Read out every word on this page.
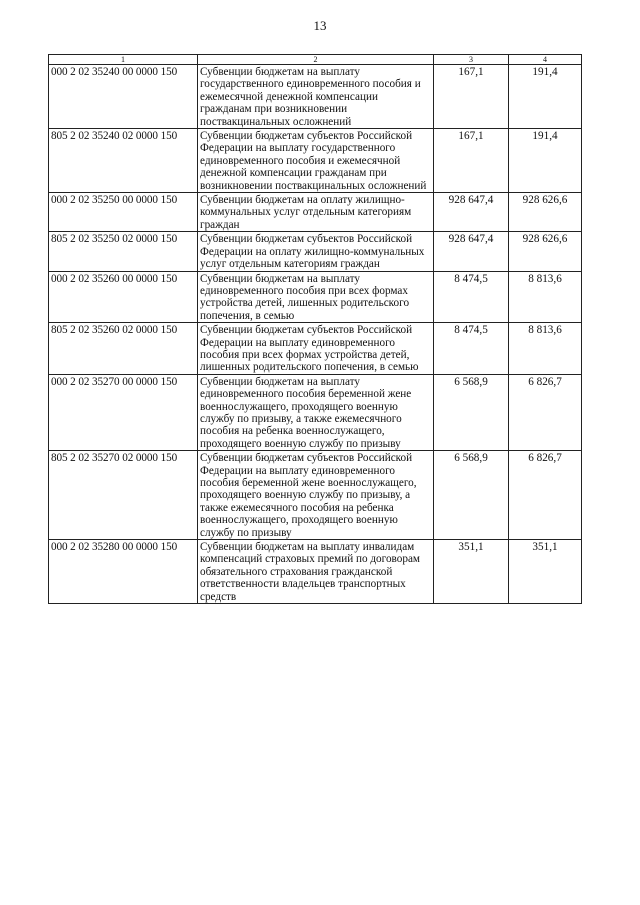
13
1	2	3	4
000 2 02 35240 00 0000 150	Субвенции бюджетам на выплату государственного единовременного пособия и ежемесячной денежной компенсации гражданам при возникновении поствакцинальных осложнений	167,1	191,4
805 2 02 35240 02 0000 150	Субвенции бюджетам субъектов Российской Федерации на выплату государственного единовременного пособия и ежемесячной денежной компенсации гражданам при возникновении поствакцинальных осложнений	167,1	191,4
000 2 02 35250 00 0000 150	Субвенции бюджетам на оплату жилищно-коммунальных услуг отдельным категориям граждан	928 647,4	928 626,6
805 2 02 35250 02 0000 150	Субвенции бюджетам субъектов Российской Федерации на оплату жилищно-коммунальных услуг отдельным категориям граждан	928 647,4	928 626,6
000 2 02 35260 00 0000 150	Субвенции бюджетам на выплату единовременного пособия при всех формах устройства детей, лишенных родительского попечения, в семью	8 474,5	8 813,6
805 2 02 35260 02 0000 150	Субвенции бюджетам субъектов Российской Федерации на выплату единовременного пособия при всех формах устройства детей, лишенных родительского попечения, в семью	8 474,5	8 813,6
000 2 02 35270 00 0000 150	Субвенции бюджетам на выплату единовременного пособия беременной жене военнослужащего, проходящего военную службу по призыву, а также ежемесячного пособия на ребенка военнослужащего, проходящего военную службу по призыву	6 568,9	6 826,7
805 2 02 35270 02 0000 150	Субвенции бюджетам субъектов Российской Федерации на выплату единовременного пособия беременной жене военнослужащего, проходящего военную службу по призыву, а также ежемесячного пособия на ребенка военнослужащего, проходящего военную службу по призыву	6 568,9	6 826,7
000 2 02 35280 00 0000 150	Субвенции бюджетам на выплату инвалидам компенсаций страховых премий по договорам обязательного страхования гражданской ответственности владельцев транспортных средств	351,1	351,1
